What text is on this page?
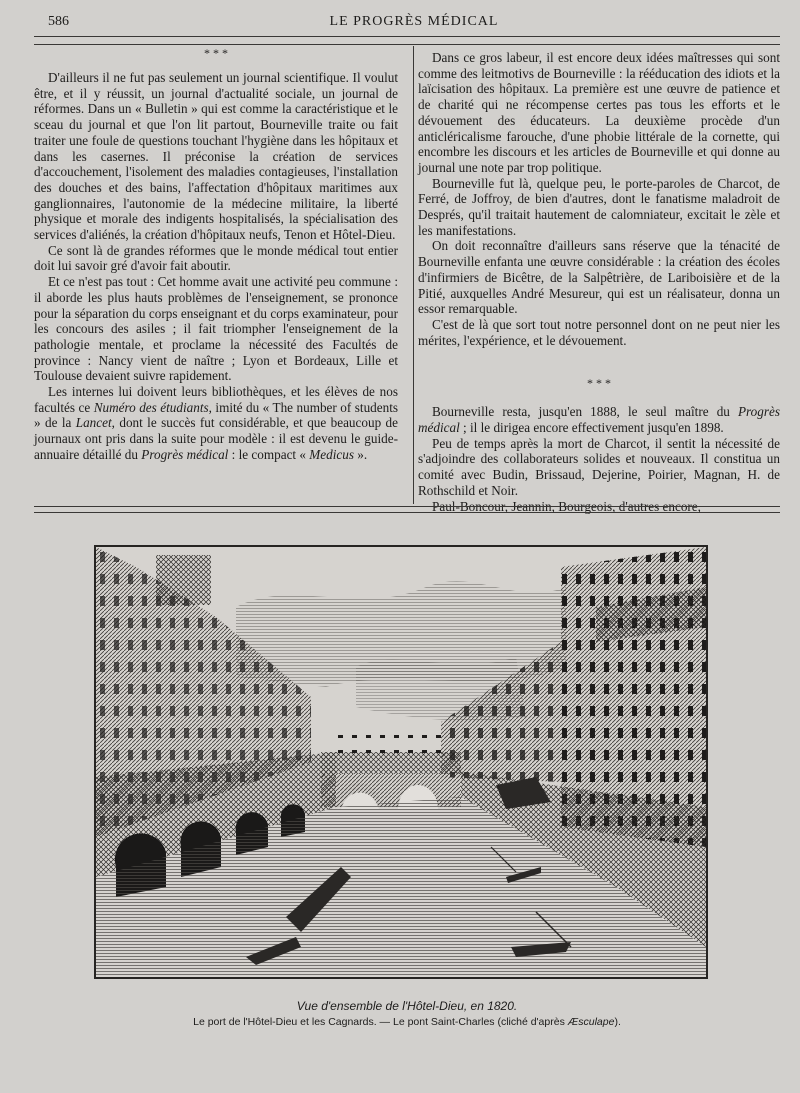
586	LE PROGRÈS MÉDICAL
* * *

D'ailleurs il ne fut pas seulement un journal scientifique. Il voulut être, et il y réussit, un journal d'actualité sociale, un journal de réformes. Dans un « Bulletin » qui est comme la caractéristique et le sceau du journal et que l'on lit partout, Bourneville traite ou fait traiter une foule de questions touchant l'hygiène dans les hôpitaux et dans les casernes. Il préconise la création de services d'accouchement, l'isolement des maladies contagieuses, l'installation des douches et des bains, l'affectation d'hôpitaux maritimes aux ganglionnaires, l'autonomie de la médecine militaire, la liberté physique et morale des indigents hospitalisés, la spécialisation des services d'aliénés, la création d'hôpitaux neufs, Tenon et Hôtel-Dieu.

Ce sont là de grandes réformes que le monde médical tout entier doit lui savoir gré d'avoir fait aboutir.

Et ce n'est pas tout : Cet homme avait une activité peu commune : il aborde les plus hauts problèmes de l'enseignement, se prononce pour la séparation du corps enseignant et du corps examinateur, pour les concours des asiles ; il fait triompher l'enseignement de la pathologie mentale, et proclame la nécessité des Facultés de province : Nancy vient de naître ; Lyon et Bordeaux, Lille et Toulouse devaient suivre rapidement.

Les internes lui doivent leurs bibliothèques, et les élèves de nos facultés ce Numéro des étudiants, imité du « The number of students » de la Lancet, dont le succès fut considérable, et que beaucoup de journaux ont pris dans la suite pour modèle : il est devenu le guide-annuaire détaillé du Progrès médical : le compact « Medicus ».

Dans ce gros labeur, il est encore deux idées maîtresses qui sont comme des leitmotivs de Bourneville : la rééducation des idiots et la laïcisation des hôpitaux. La première est une œuvre de patience et de charité qui ne récompense certes pas tous les efforts et le dévouement des éducateurs. La deuxième procède d'un anticléricalisme farouche, d'une phobie littérale de la cornette, qui encombre les discours et les articles de Bourneville et qui donne au journal une note par trop politique.

Bourneville fut là, quelque peu, le porte-paroles de Charcot, de Ferré, de Joffroy, de bien d'autres, dont le fanatisme maladroit de Després, qu'il traitait hautement de calomniateur, excitait le zèle et les manifestations.

On doit reconnaître d'ailleurs sans réserve que la ténacité de Bourneville enfanta une œuvre considérable : la création des écoles d'infirmiers de Bicêtre, de la Salpêtrière, de Lariboisière et de la Pitié, auxquelles André Mesureur, qui est un réalisateur, donna un essor remarquable.

C'est de là que sort tout notre personnel dont on ne peut nier les mérites, l'expérience, et le dévouement.

* * *

Bourneville resta, jusqu'en 1888, le seul maître du Progrès médical ; il le dirigea encore effectivement jusqu'en 1898.

Peu de temps après la mort de Charcot, il sentit la nécessité de s'adjoindre des collaborateurs solides et nouveaux. Il constitua un comité avec Budin, Brissaud, Dejerine, Poirier, Magnan, H. de Rothschild et Noir.

Paul-Boncour, Jeannin, Bourgeois, d'autres encore,

Vue d'ensemble de l'Hôtel-Dieu, en 1820.
Le port de l'Hôtel-Dieu et les Cagnards. — Le pont Saint-Charles (cliché d'après Æsculape).
